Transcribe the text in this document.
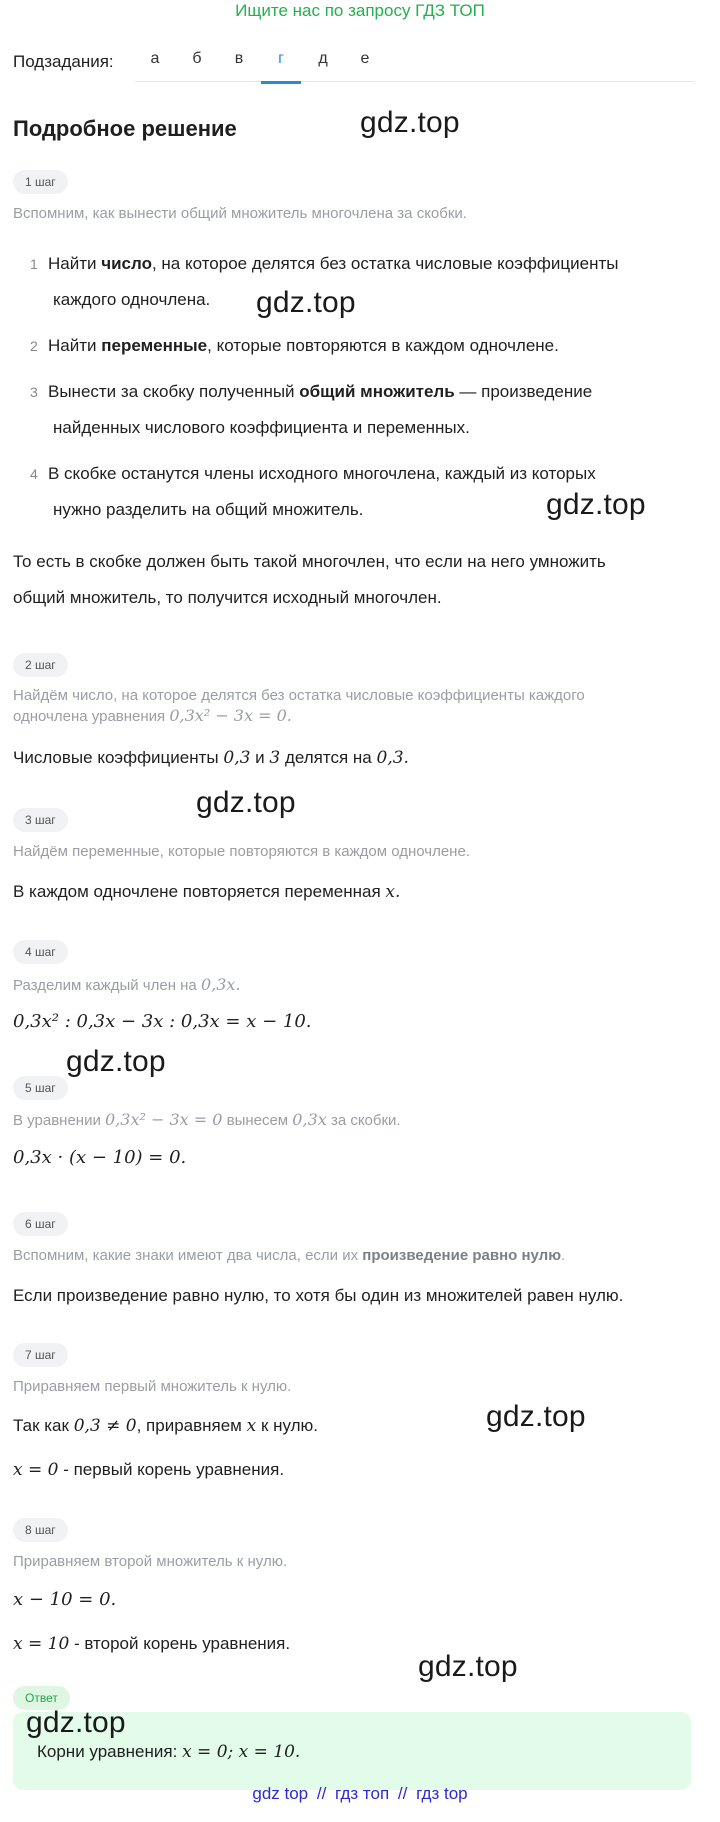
Ищите нас по запросу ГДЗ ТОП
Подзадания:	а	б	в	г	д	е
Подробное решение
1 шаг
Вспомним, как вынести общий множитель многочлена за скобки.
1 Найти число, на которое делятся без остатка числовые коэффициенты
каждого одночлена.
2 Найти переменные, которые повторяются в каждом одночлене.
3 Вынести за скобку полученный общий множитель — произведение
найденных числового коэффициента и переменных.
4 В скобке останутся члены исходного многочлена, каждый из которых
нужно разделить на общий множитель.
То есть в скобке должен быть такой многочлен, что если на него умножить
общий множитель, то получится исходный многочлен.
2 шаг
Найдём число, на которое делятся без остатка числовые коэффициенты каждого
одночлена уравнения 0,3x² − 3x = 0.
Числовые коэффициенты 0,3 и 3 делятся на 0,3.
3 шаг
Найдём переменные, которые повторяются в каждом одночлене.
В каждом одночлене повторяется переменная x.
4 шаг
Разделим каждый член на 0,3x.
0,3x² : 0,3x − 3x : 0,3x = x − 10.
5 шаг
В уравнении 0,3x² − 3x = 0 вынесем 0,3x за скобки.
0,3x · (x − 10) = 0.
6 шаг
Вспомним, какие знаки имеют два числа, если их произведение равно нулю.
Если произведение равно нулю, то хотя бы один из множителей равен нулю.
7 шаг
Приравняем первый множитель к нулю.
Так как 0,3 ≠ 0, приравняем x к нулю.
x = 0 - первый корень уравнения.
8 шаг
Приравняем второй множитель к нулю.
x − 10 = 0.
x = 10 - второй корень уравнения.
Ответ
Корни уравнения: x = 0; x = 10.
gdz.top
gdz.top
gdz.top
gdz.top
gdz.top
gdz.top
gdz.top
gdz.top
gdz top // гдз топ // гдз top
